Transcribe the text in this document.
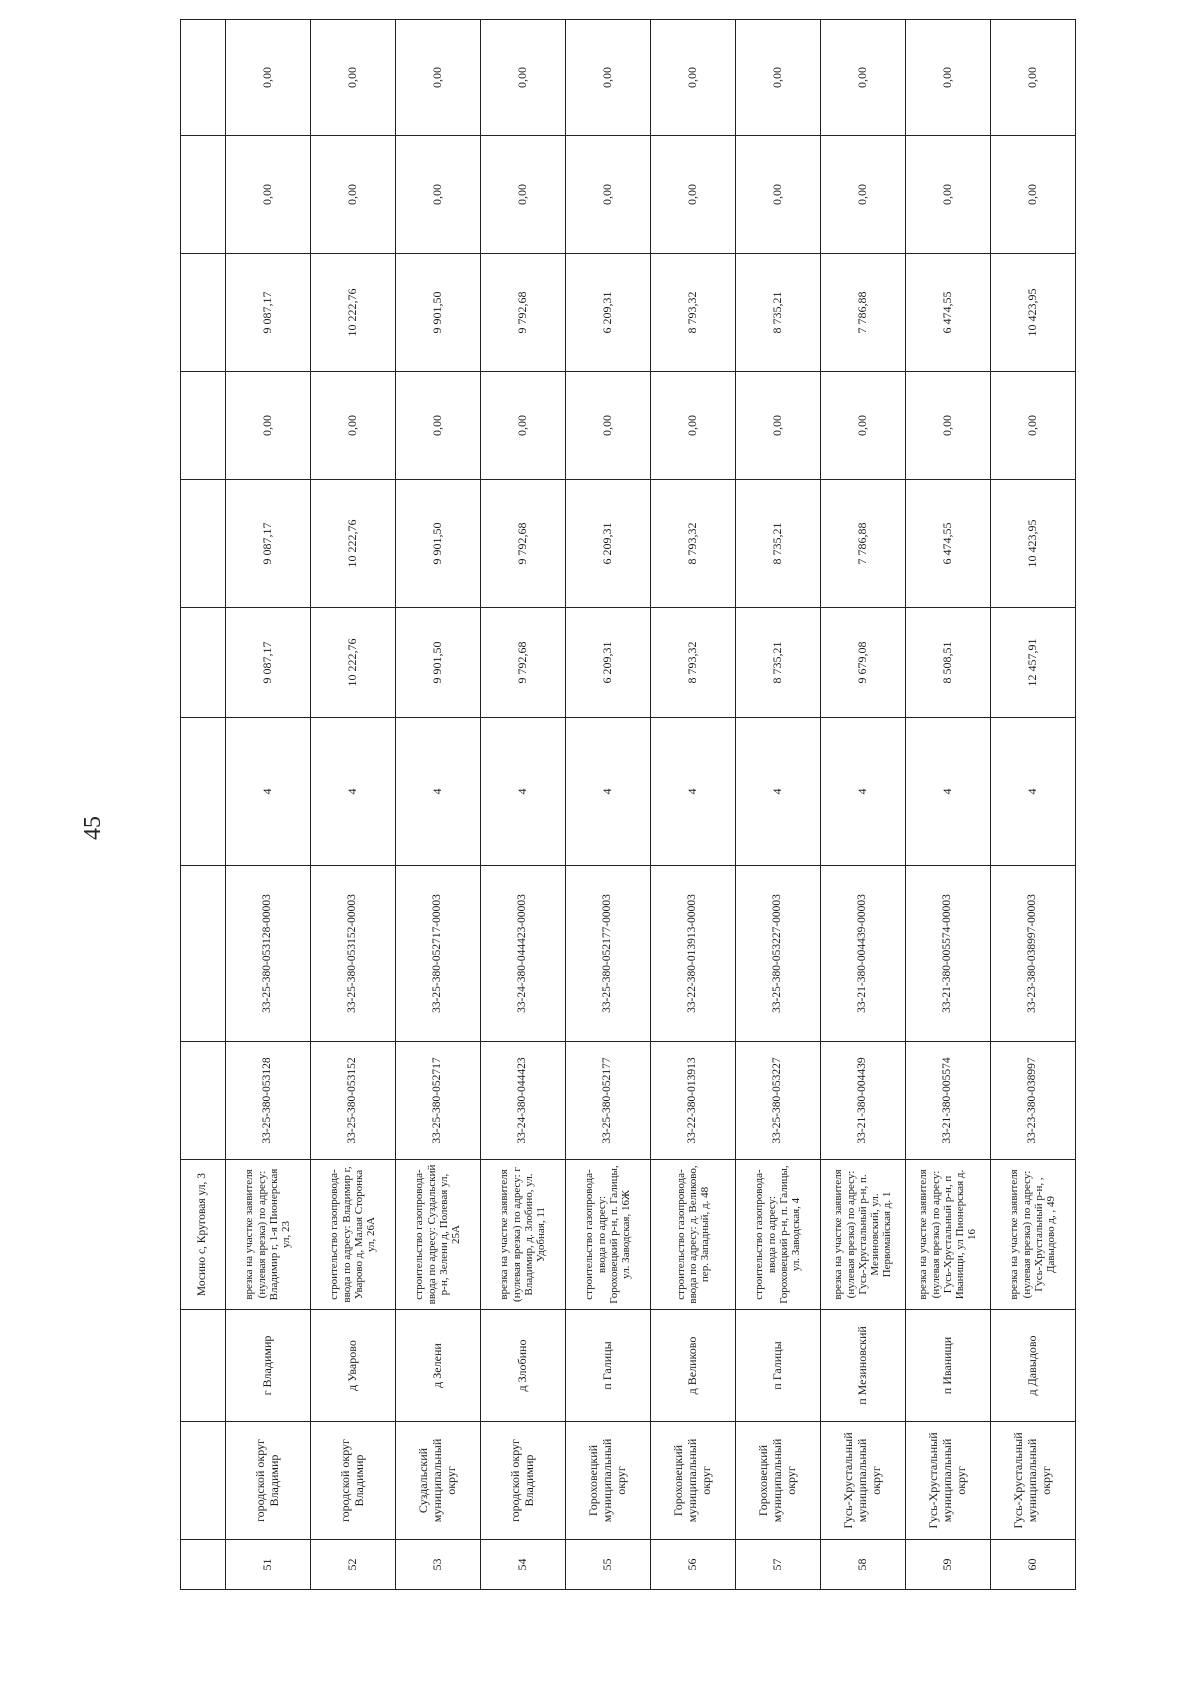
45
			Мосино с, Круговая ул, 3									
51	городской округ Владимир	г Владимир	врезка на участке заявителя (нулевая врезка) по адресу: Владимир г, 1-я Пионерская ул, 23	33-25-380-053128	33-25-380-053128-00003	4	9 087,17	9 087,17	0,00	9 087,17	0,00	0,00
52	городской округ Владимир	д Уварово	строительство газопровода-ввода по адресу: Владимир г, Уварово д, Малая Сторонка ул, 26А	33-25-380-053152	33-25-380-053152-00003	4	10 222,76	10 222,76	0,00	10 222,76	0,00	0,00
53	Суздальский муниципальный округ	д Зелени	строительство газопровода-ввода по адресу: Суздальский р-н, Зелени д, Полевая ул, 25А	33-25-380-052717	33-25-380-052717-00003	4	9 901,50	9 901,50	0,00	9 901,50	0,00	0,00
54	городской округ Владимир	д Злобино	врезка на участке заявителя (нулевая врезка) по адресу: г Владимир, д. Злобино, ул. Удобная, 11	33-24-380-044423	33-24-380-044423-00003	4	9 792,68	9 792,68	0,00	9 792,68	0,00	0,00
55	Гороховецкий муниципальный округ	п Галицы	строительство газопровода-ввода по адресу: Гороховецкий р-н, п. Галицы, ул. Заводская, 16Ж	33-25-380-052177	33-25-380-052177-00003	4	6 209,31	6 209,31	0,00	6 209,31	0,00	0,00
56	Гороховецкий муниципальный округ	д Великово	строительство газопровода-ввода по адресу: д. Великово, пер. Западный, д. 48	33-22-380-013913	33-22-380-013913-00003	4	8 793,32	8 793,32	0,00	8 793,32	0,00	0,00
57	Гороховецкий муниципальный округ	п Галицы	строительство газопровода-ввода по адресу: Гороховецкий р-н, п. Галицы, ул. Заводская, 4	33-25-380-053227	33-25-380-053227-00003	4	8 735,21	8 735,21	0,00	8 735,21	0,00	0,00
58	Гусь-Хрустальный муниципальный округ	п Мезиновский	врезка на участке заявителя (нулевая врезка) по адресу: Гусь-Хрустальный р-н, п. Мезиновский, ул. Первомайская д. 1	33-21-380-004439	33-21-380-004439-00003	4	9 679,08	7 786,88	0,00	7 786,88	0,00	0,00
59	Гусь-Хрустальный муниципальный округ	п Иванищи	врезка на участке заявителя (нулевая врезка) по адресу: Гусь-Хрустальный р-н, п Иванищи, ул Пионерская д. 16	33-21-380-005574	33-21-380-005574-00003	4	8 508,51	6 474,55	0,00	6 474,55	0,00	0,00
60	Гусь-Хрустальный муниципальный округ	д Давыдово	врезка на участке заявителя (нулевая врезка) по адресу: Гусь-Хрустальный р-н, , Давыдово д, , 49	33-23-380-038997	33-23-380-038997-00003	4	12 457,91	10 423,95	0,00	10 423,95	0,00	0,00
